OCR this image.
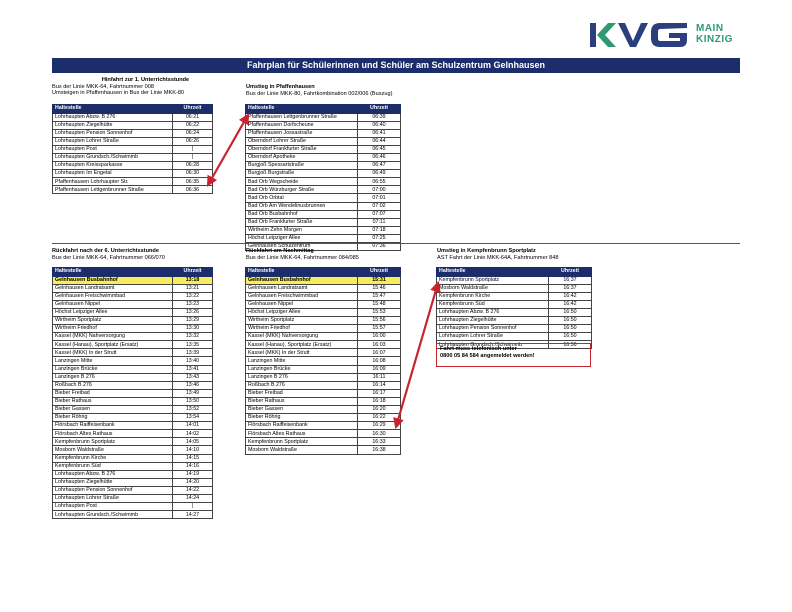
MAIN
KINZIG
Fahrplan für Schülerinnen und Schüler am Schulzentrum Gelnhausen
Hinfahrt zur 1. Unterrichtsstunde
Bus der Linie MKK-64, Fahrtnummer 008
Umsteigen in Pfaffenhausen in Bus der Linie MKK-80
Haltestelle	Uhrzeit
Lohrhaupten Abzw. B 276	06:21
Lohrhaupten Ziegelhütte	06:22
Lohrhaupten Pension Sonnenhof	06:24
Lohrhaupten Lohrer Straße	06:26
Lohrhaupten Post	|
Lohrhaupten Grundsch./Schwimmb	|
Lohrhaupten Kreissparkasse	06:28
Lohrhaupten Im Engetal	06:30
Pfaffenhausen Lohrhaupter Str.	06:35
Pfaffenhausen Lettgenbrunner Straße	06:36
Umstieg in Pfaffenhausen
Bus der Linie MKK-80, Fahrtkombination 002/006 (Buszug)
Haltestelle	Uhrzeit
Pfaffenhausen Lettgenbrunner Straße	06:39
Pfaffenhausen Dorfscheune	06:40
Pfaffenhausen Jossastraße	06:41
Oberndorf Lohrer Straße	06:44
Oberndorf Frankfurter Straße	06:45
Oberndorf Apotheke	06:46
Burgjoß Spessartstraße	06:47
Burgjoß Burgstraße	06:49
Bad Orb Wegscheide	06:55
Bad Orb Würzburger Straße	07:00
Bad Orb Orbtal	07:01
Bad Orb Am Wendelinusbrunnen	07:02
Bad Orb Busbahnhof	07:07
Bad Orb Frankfurter Straße	07:11
Wirtheim Zehn Morgen	07:18
Höchst Leipziger Allee	07:25
Gelnhausen Schulzentrum	07:36
Rückfahrt nach der 6. Unterrichtsstunde
Bus der Linie MKK-64, Fahrtnummer 066/070
Haltestelle	Uhrzeit
Gelnhausen Busbahnhof	13:18
Gelnhausen Landratsamt	13:21
Gelnhausen Freischwimmbad	13:22
Gelnhausen Nippel	13:23
Höchst Leipziger Allee	13:26
Wirtheim Sportplatz	13:29
Wirtheim Friedhof	13:30
Kassel (MKK) Nahversorgung	13:32
Kassel (Hanau), Sportplatz (Ersatz)	13:35
Kassel (MKK) In der Strutt	13:39
Lanzingen Mitte	13:40
Lanzingen Brücke	13:41
Lanzingen B 276	13:43
Roßbach B 276	13:46
Bieber Freibad	13:49
Bieber Rathaus	13:50
Bieber Gassen	13:52
Bieber Röhrig	13:54
Flörsbach Raiffeisenbank	14:01
Flörsbach Altes Rathaus	14:02
Kempfenbrunn Sportplatz	14:05
Mosborn Waldstraße	14:10
Kempfenbrunn Kirche	14:15
Kempfenbrunn Süd	14:16
Lohrhaupten Abzw. B 276	14:19
Lohrhaupten Ziegelhütte	14:20
Lohrhaupten Pension Sonnenhof	14:22
Lohrhaupten Lohrer Straße	14:24
Lohrhaupten Post	|
Lohrhaupten Grundsch./Schwimmb	14:27
Rückfahrt am Nachmittag
Bus der Linie MKK-64, Fahrtnummer 084/085
Haltestelle	Uhrzeit
Gelnhausen Busbahnhof	15:31
Gelnhausen Landratsamt	15:46
Gelnhausen Freischwimmbad	15:47
Gelnhausen Nippel	15:48
Höchst Leipziger Allee	15:53
Wirtheim Sportplatz	15:56
Wirtheim Friedhof	15:57
Kassel (MKK) Nahversorgung	16:00
Kassel (Hanau), Sportplatz (Ersatz)	16:03
Kassel (MKK) In der Strutt	16:07
Lanzingen Mitte	16:08
Lanzingen Brücke	16:09
Lanzingen B 276	16:11
Roßbach B 276	16:14
Bieber Freibad	16:17
Bieber Rathaus	16:18
Bieber Gassen	16:20
Bieber Röhrig	16:22
Flörsbach Raiffeisenbank	16:29
Flörsbach Altes Rathaus	16:30
Kempfenbrunn Sportplatz	16:33
Mosborn Waldstraße	16:38
Umstieg in Kempfenbrunn Sportplatz
AST Fahrt der Linie MKK-64A, Fahrtnummer 848
Haltestelle	Uhrzeit
Kempfenbrunn Sportplatz	16:37
Mosborn Waldstraße	16:37
Kempfenbrunn Kirche	16:42
Kempfenbrunn Süd	16:42
Lohrhaupten Abzw. B 276	16:50
Lohrhaupten Ziegelhütte	16:50
Lohrhaupten Pension Sonnenhof	16:50
Lohrhaupten Lohrer Straße	16:50
Lohrhaupten Grundsch./Schwimmb	16:50
Fahrt muss telefonisch unter
0800 05 84 584 angemeldet werden!
